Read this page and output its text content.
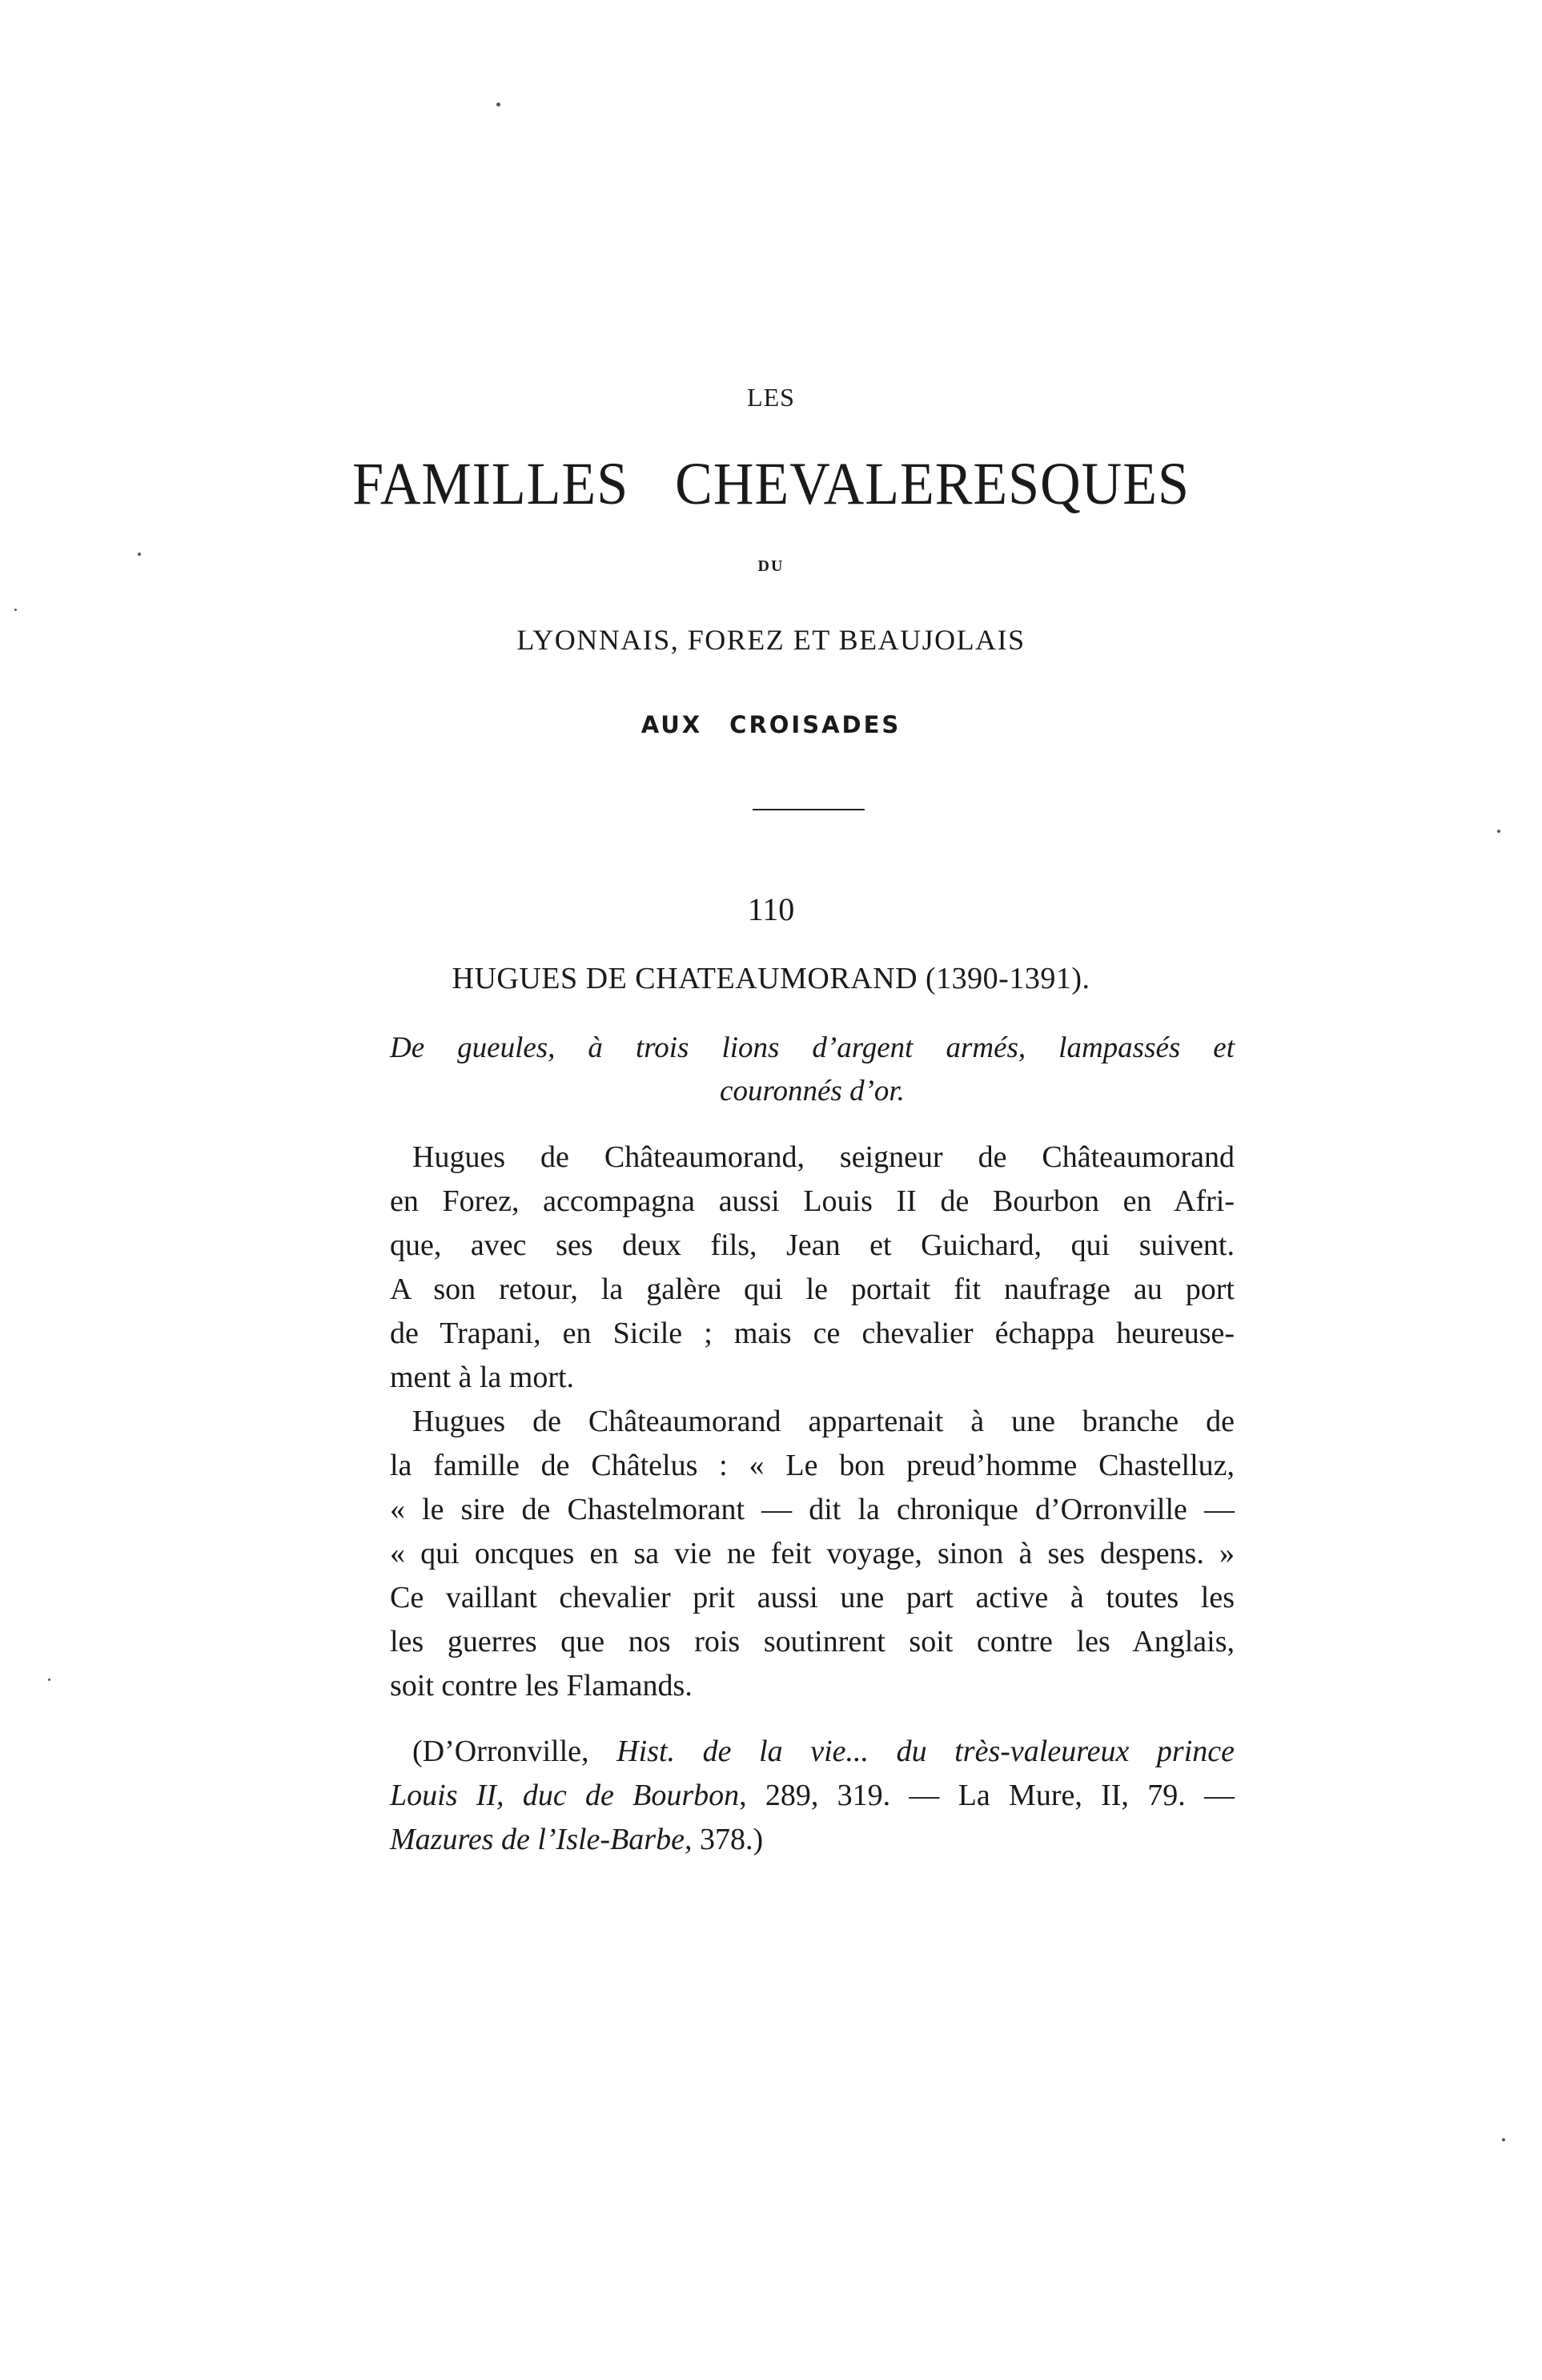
LES
FAMILLES CHEVALERESQUES
DU
LYONNAIS, FOREZ ET BEAUJOLAIS
AUX CROISADES
110
HUGUES DE CHATEAUMORAND (1390-1391).

De gueules, à trois lions d’argent armés, lampassés et
couronnés d’or.

Hugues de Châteaumorand, seigneur de Châteaumorand
en Forez, accompagna aussi Louis II de Bourbon en Afri-
que, avec ses deux fils, Jean et Guichard, qui suivent.
A son retour, la galère qui le portait fit naufrage au port
de Trapani, en Sicile ; mais ce chevalier échappa heureuse-
ment à la mort.

Hugues de Châteaumorand appartenait à une branche de
la famille de Châtelus : « Le bon preud’homme Chastelluz,
« le sire de Chastelmorant — dit la chronique d’Orronville —
« qui oncques en sa vie ne feit voyage, sinon à ses despens. »
Ce vaillant chevalier prit aussi une part active à toutes les
les guerres que nos rois soutinrent soit contre les Anglais,
soit contre les Flamands.

(D’Orronville, Hist. de la vie... du très-valeureux prince
Louis II, duc de Bourbon, 289, 319. — La Mure, II, 79. —
Mazures de l’Isle-Barbe, 378.)
